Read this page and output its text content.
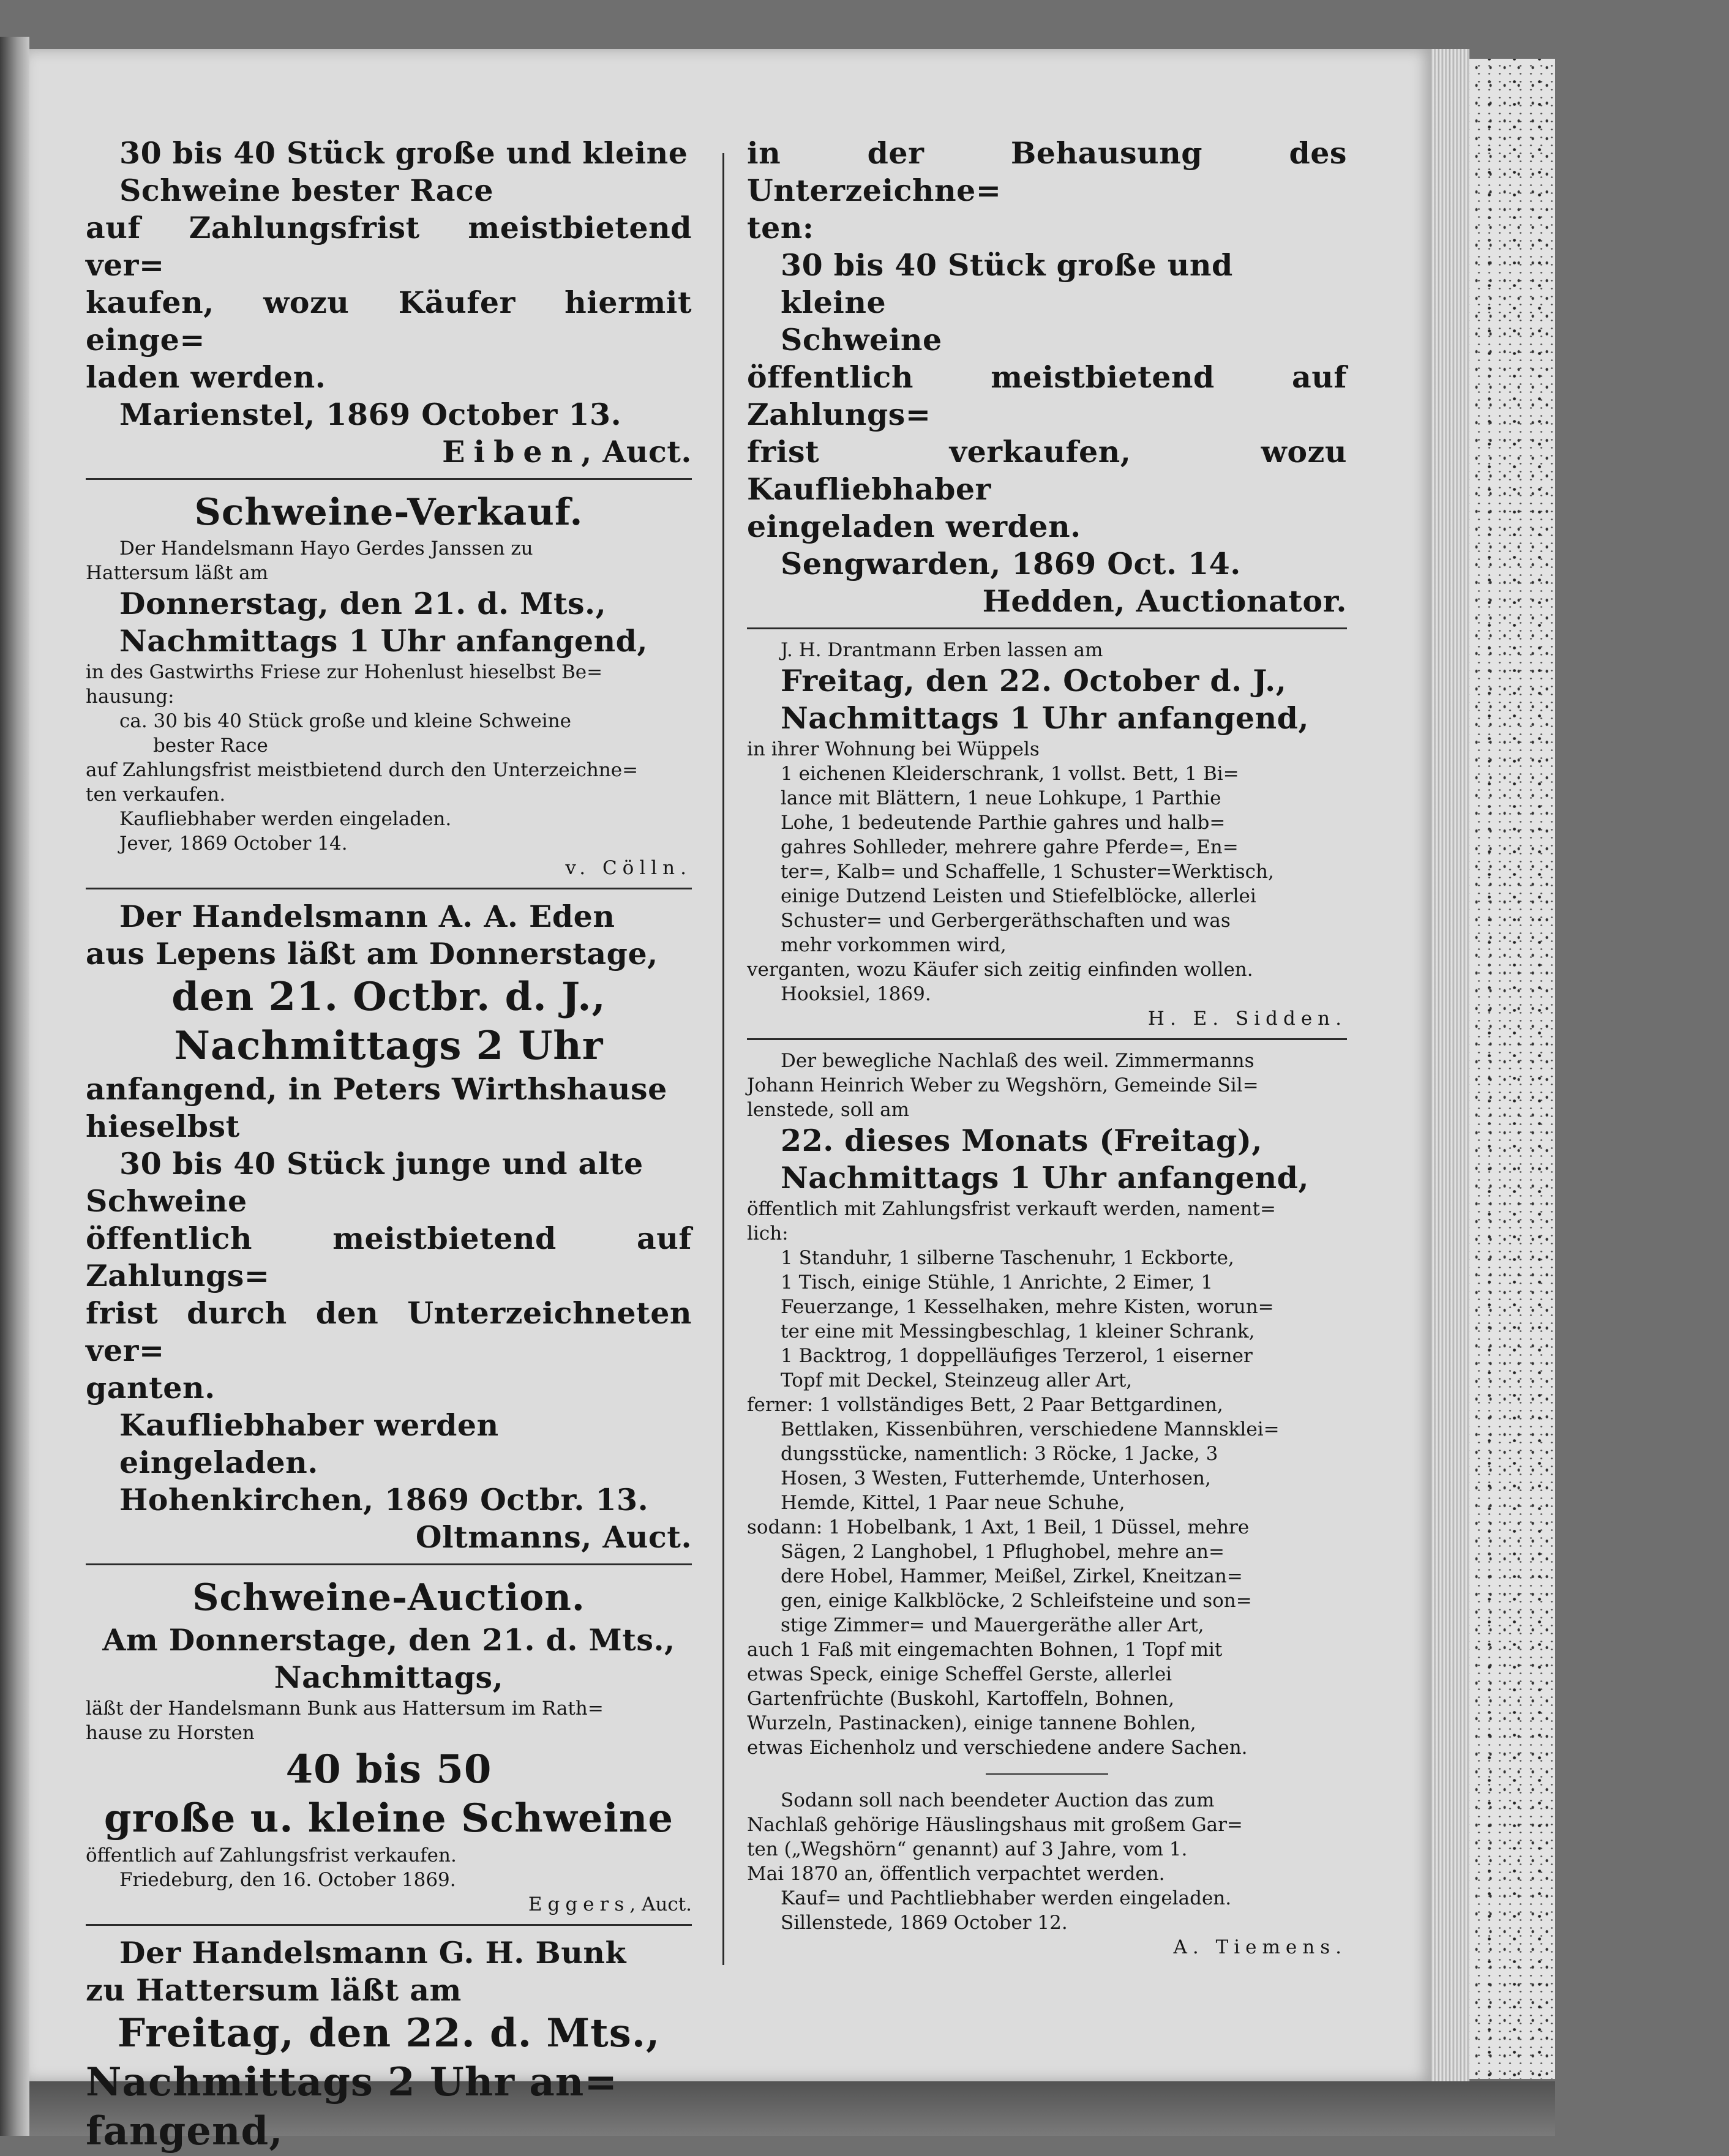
30 bis 40 Stück große und kleine

Schweine bester Race

auf Zahlungsfrist meistbietend ver=

kaufen, wozu Käufer hiermit einge=

laden werden.

Marienstel, 1869 October 13.

Eiben, Auct.

Schweine-Verkauf.

Der Handelsmann Hayo Gerdes Janssen zu

Hattersum läßt am

Donnerstag, den 21. d. Mts.,

Nachmittags 1 Uhr anfangend,

in des Gastwirths Friese zur Hohenlust hieselbst Be=

hausung:

ca. 30 bis 40 Stück große und kleine Schweine

bester Race

auf Zahlungsfrist meistbietend durch den Unterzeichne=

ten verkaufen.

Kaufliebhaber werden eingeladen.

Jever, 1869 October 14.

v. Cölln.

Der Handelsmann A. A. Eden

aus Lepens läßt am Donnerstage,

den 21. Octbr. d. J.,

Nachmittags 2 Uhr

anfangend, in Peters Wirthshause

hieselbst

30 bis 40 Stück junge und alte

Schweine

öffentlich meistbietend auf Zahlungs=

frist durch den Unterzeichneten ver=

ganten.

Kaufliebhaber werden eingeladen.

Hohenkirchen, 1869 Octbr. 13.

Oltmanns, Auct.

Schweine-Auction.

Am Donnerstage, den 21. d. Mts.,

Nachmittags,

läßt der Handelsmann Bunk aus Hattersum im Rath=

hause zu Horsten

40 bis 50

große u. kleine Schweine

öffentlich auf Zahlungsfrist verkaufen.

Friedeburg, den 16. October 1869.

Eggers, Auct.

Der Handelsmann G. H. Bunk

zu Hattersum läßt am

Freitag, den 22. d. Mts.,

Nachmittags 2 Uhr an=

fangend,

in der Behausung des Unterzeichne=

ten:

30 bis 40 Stück große und kleine

Schweine

öffentlich meistbietend auf Zahlungs=

frist verkaufen, wozu Kaufliebhaber

eingeladen werden.

Sengwarden, 1869 Oct. 14.

Hedden, Auctionator.

J. H. Drantmann Erben lassen am

Freitag, den 22. October d. J.,

Nachmittags 1 Uhr anfangend,

in ihrer Wohnung bei Wüppels

1 eichenen Kleiderschrank, 1 vollst. Bett, 1 Bi=

lance mit Blättern, 1 neue Lohkupe, 1 Parthie

Lohe, 1 bedeutende Parthie gahres und halb=

gahres Sohlleder, mehrere gahre Pferde=, En=

ter=, Kalb= und Schaffelle, 1 Schuster=Werktisch,

einige Dutzend Leisten und Stiefelblöcke, allerlei

Schuster= und Gerbergeräthschaften und was

mehr vorkommen wird,

verganten, wozu Käufer sich zeitig einfinden wollen.

Hooksiel, 1869.

H. E. Sidden.

Der bewegliche Nachlaß des weil. Zimmermanns

Johann Heinrich Weber zu Wegshörn, Gemeinde Sil=

lenstede, soll am

22. dieses Monats (Freitag),

Nachmittags 1 Uhr anfangend,

öffentlich mit Zahlungsfrist verkauft werden, nament=

lich:

1 Standuhr, 1 silberne Taschenuhr, 1 Eckborte,

1 Tisch, einige Stühle, 1 Anrichte, 2 Eimer, 1

Feuerzange, 1 Kesselhaken, mehre Kisten, worun=

ter eine mit Messingbeschlag, 1 kleiner Schrank,

1 Backtrog, 1 doppelläufiges Terzerol, 1 eiserner

Topf mit Deckel, Steinzeug aller Art,

ferner: 1 vollständiges Bett, 2 Paar Bettgardinen,

Bettlaken, Kissenbühren, verschiedene Mannsklei=

dungsstücke, namentlich: 3 Röcke, 1 Jacke, 3

Hosen, 3 Westen, Futterhemde, Unterhosen,

Hemde, Kittel, 1 Paar neue Schuhe,

sodann: 1 Hobelbank, 1 Axt, 1 Beil, 1 Düssel, mehre

Sägen, 2 Langhobel, 1 Pflughobel, mehre an=

dere Hobel, Hammer, Meißel, Zirkel, Kneitzan=

gen, einige Kalkblöcke, 2 Schleifsteine und son=

stige Zimmer= und Mauergeräthe aller Art,

auch 1 Faß mit eingemachten Bohnen, 1 Topf mit

etwas Speck, einige Scheffel Gerste, allerlei

Gartenfrüchte (Buskohl, Kartoffeln, Bohnen,

Wurzeln, Pastinacken), einige tannene Bohlen,

etwas Eichenholz und verschiedene andere Sachen.

Sodann soll nach beendeter Auction das zum

Nachlaß gehörige Häuslingshaus mit großem Gar=

ten („Wegshörn“ genannt) auf 3 Jahre, vom 1.

Mai 1870 an, öffentlich verpachtet werden.

Kauf= und Pachtliebhaber werden eingeladen.

Sillenstede, 1869 October 12.

A. Tiemens.
